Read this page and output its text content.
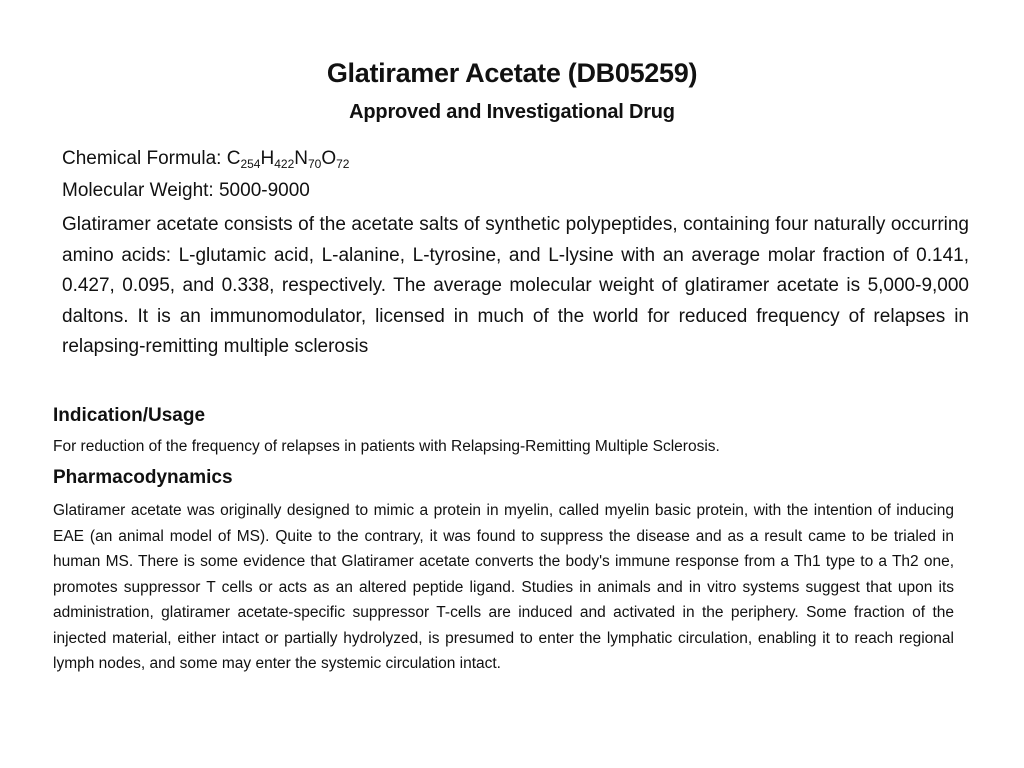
Glatiramer Acetate (DB05259)
Approved and Investigational Drug

Chemical Formula: $C_{254}H_{422}N_{70}O_{72}$

Molecular Weight: 5000-9000

Glatiramer acetate consists of the acetate salts of synthetic polypeptides, containing four naturally occurring amino acids: L-glutamic acid, L-alanine, L-tyrosine, and L-lysine with an average molar fraction of 0.141, 0.427, 0.095, and 0.338, respectively. The average molecular weight of glatiramer acetate is 5,000-9,000 daltons. It is an immunomodulator, licensed in much of the world for reduced frequency of relapses in relapsing-remitting multiple sclerosis

Indication/Usage

For reduction of the frequency of relapses in patients with Relapsing-Remitting Multiple Sclerosis.

Pharmacodynamics

Glatiramer acetate was originally designed to mimic a protein in myelin, called myelin basic protein, with the intention of inducing EAE (an animal model of MS). Quite to the contrary, it was found to suppress the disease and as a result came to be trialed in human MS. There is some evidence that Glatiramer acetate converts the body's immune response from a Th1 type to a Th2 one, promotes suppressor T cells or acts as an altered peptide ligand. Studies in animals and in vitro systems suggest that upon its administration, glatiramer acetate-specific suppressor T-cells are induced and activated in the periphery. Some fraction of the injected material, either intact or partially hydrolyzed, is presumed to enter the lymphatic circulation, enabling it to reach regional lymph nodes, and some may enter the systemic circulation intact.
